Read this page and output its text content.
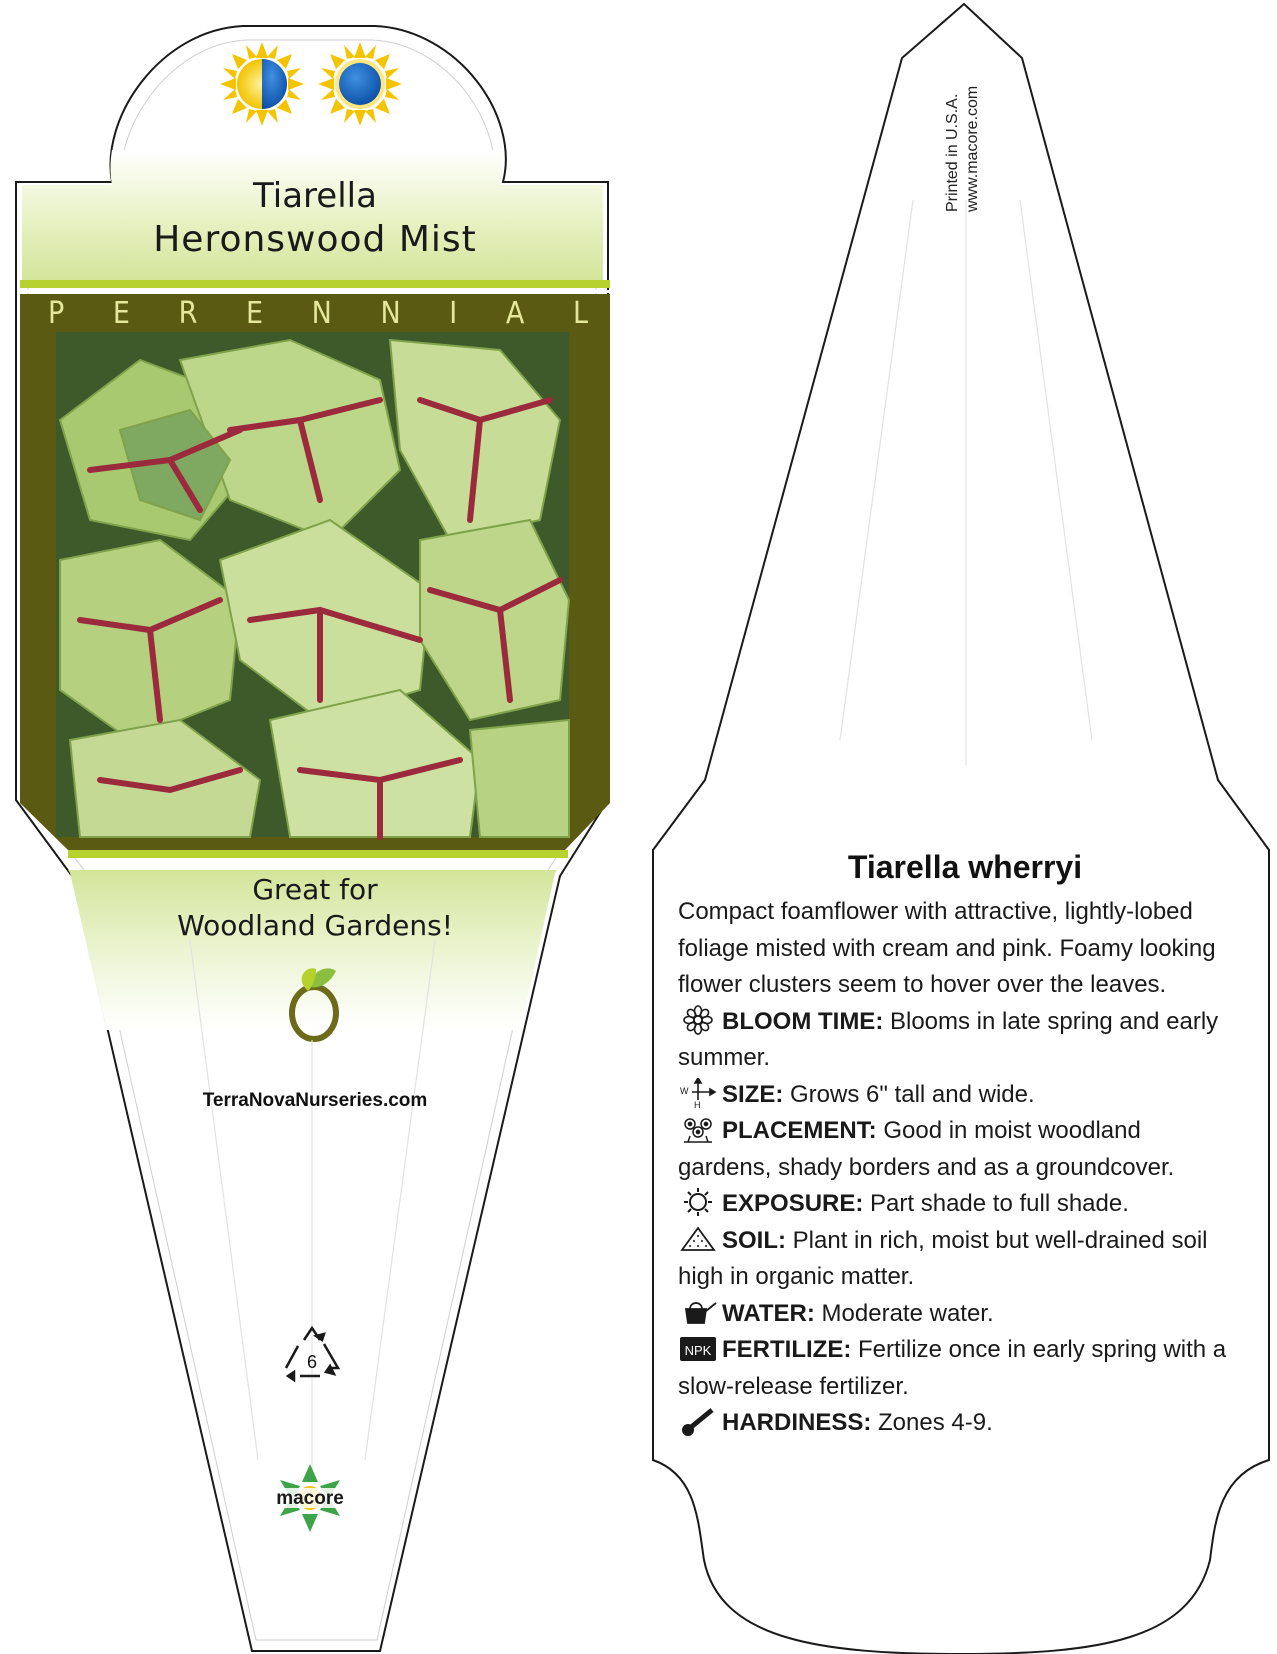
Tiarella
Heronswood Mist
P E R E N N I A L
Great for
Woodland Gardens!
TerraNovaNurseries.com
6
macore
Printed in U.S.A. www.macore.com
Tiarella wherryi

Compact foamflower with attractive, lightly-lobed foliage misted with cream and pink. Foamy looking flower clusters seem to hover over the leaves.

BLOOM TIME: Blooms in late spring and early summer.

W
H SIZE: Grows 6" tall and wide.

PLACEMENT: Good in moist woodland gardens, shady borders and as a groundcover.

EXPOSURE: Part shade to full shade.

SOIL: Plant in rich, moist but well-drained soil high in organic matter.

WATER: Moderate water.

NPK FERTILIZE: Fertilize once in early spring with a slow-release fertilizer.

HARDINESS: Zones 4-9.
